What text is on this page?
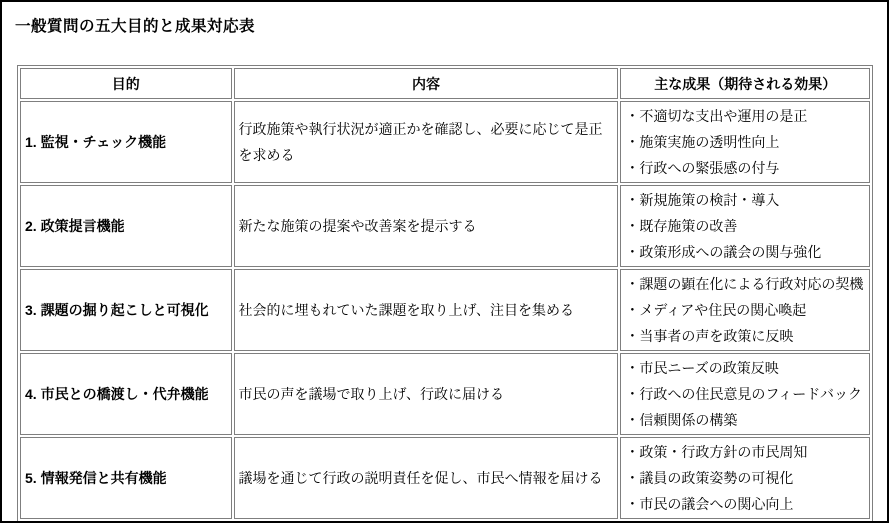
一般質問の五大目的と成果対応表
目的	内容	主な成果（期待される効果）
1. 監視・チェック機能	行政施策や執行状況が適正かを確認し、必要に応じて是正を求める	・不適切な支出や運用の是正
・施策実施の透明性向上
・行政への緊張感の付与

2. 政策提言機能	新たな施策の提案や改善案を提示する	・新規施策の検討・導入
・既存施策の改善
・政策形成への議会の関与強化

3. 課題の掘り起こしと可視化	社会的に埋もれていた課題を取り上げ、注目を集める	・課題の顕在化による行政対応の契機
・メディアや住民の関心喚起
・当事者の声を政策に反映

4. 市民との橋渡し・代弁機能	市民の声を議場で取り上げ、行政に届ける	・市民ニーズの政策反映
・行政への住民意見のフィードバック
・信頼関係の構築

5. 情報発信と共有機能	議場を通じて行政の説明責任を促し、市民へ情報を届ける	・政策・行政方針の市民周知
・議員の政策姿勢の可視化
・市民の議会への関心向上
